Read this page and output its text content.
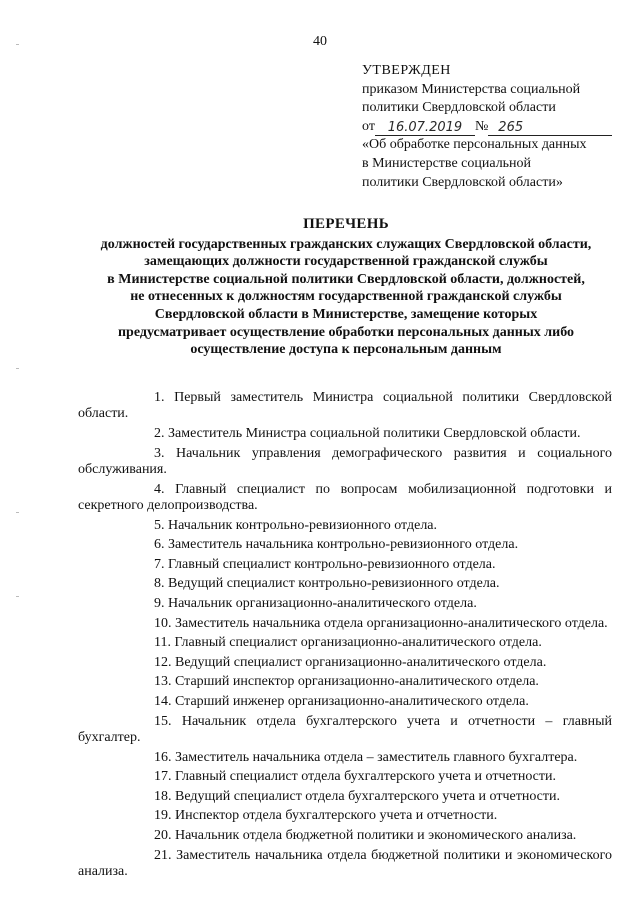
40
УТВЕРЖДЕН
приказом Министерства социальной
политики Свердловской области
от 16.07.2019 № 265
«Об обработке персональных данных
в Министерстве социальной
политики Свердловской области»
ПЕРЕЧЕНЬ
должностей государственных гражданских служащих Свердловской области,
замещающих должности государственной гражданской службы
в Министерстве социальной политики Свердловской области, должностей,
не отнесенных к должностям государственной гражданской службы
Свердловской области в Министерстве, замещение которых
предусматривает осуществление обработки персональных данных либо
осуществление доступа к персональным данным
1. Первый заместитель Министра социальной политики Свердловской области.
2. Заместитель Министра социальной политики Свердловской области.
3. Начальник управления демографического развития и социального обслуживания.
4. Главный специалист по вопросам мобилизационной подготовки и секретного делопроизводства.
5. Начальник контрольно-ревизионного отдела.
6. Заместитель начальника контрольно-ревизионного отдела.
7. Главный специалист контрольно-ревизионного отдела.
8. Ведущий специалист контрольно-ревизионного отдела.
9. Начальник организационно-аналитического отдела.
10. Заместитель начальника отдела организационно-аналитического отдела.
11. Главный специалист организационно-аналитического отдела.
12. Ведущий специалист организационно-аналитического отдела.
13. Старший инспектор организационно-аналитического отдела.
14. Старший инженер организационно-аналитического отдела.
15. Начальник отдела бухгалтерского учета и отчетности – главный бухгалтер.
16. Заместитель начальника отдела – заместитель главного бухгалтера.
17. Главный специалист отдела бухгалтерского учета и отчетности.
18. Ведущий специалист отдела бухгалтерского учета и отчетности.
19. Инспектор отдела бухгалтерского учета и отчетности.
20. Начальник отдела бюджетной политики и экономического анализа.
21. Заместитель начальника отдела бюджетной политики и экономического анализа.
